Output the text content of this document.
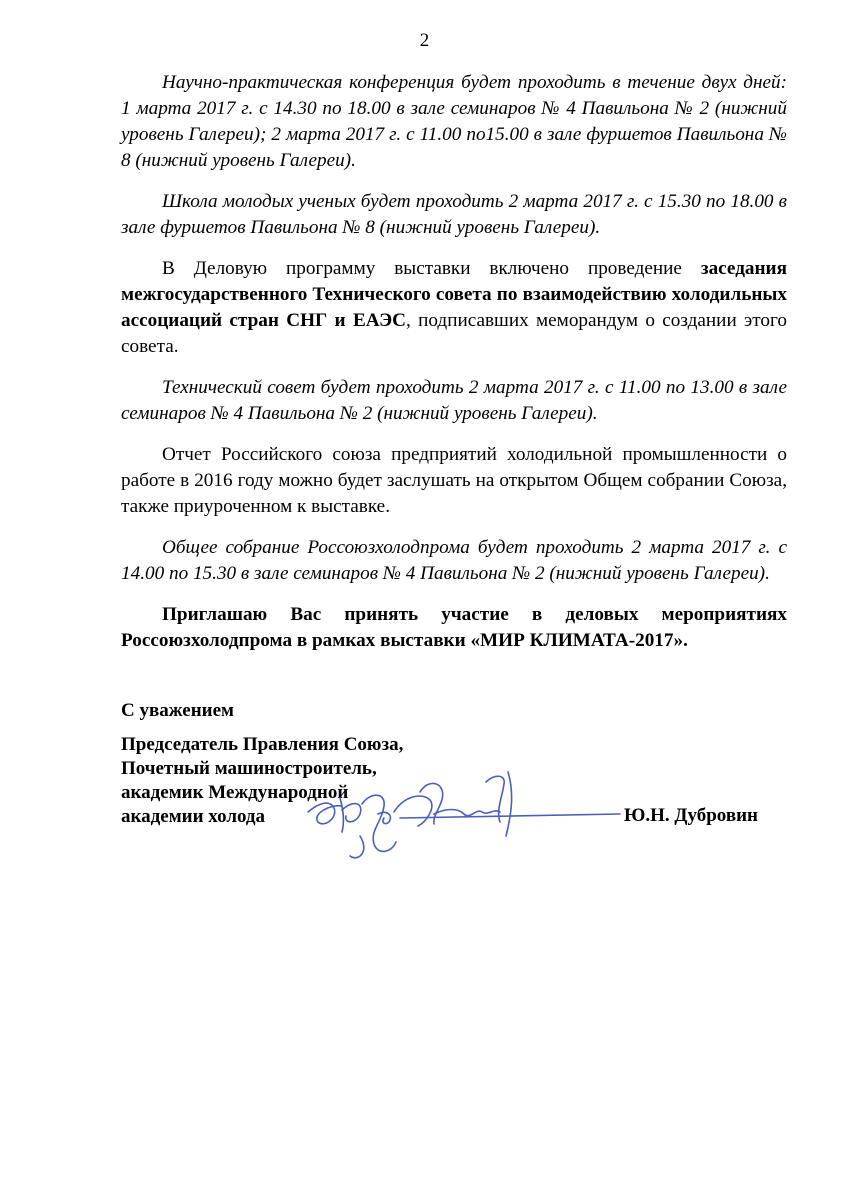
2

Научно-практическая конференция будет проходить в течение двух дней: 1 марта 2017 г. с 14.30 по 18.00 в зале семинаров № 4 Павильона № 2 (нижний уровень Галереи); 2 марта 2017 г. с 11.00 по15.00 в зале фуршетов Павильона № 8 (нижний уровень Галереи).

Школа молодых ученых будет проходить 2 марта 2017 г. с 15.30 по 18.00 в зале фуршетов Павильона № 8 (нижний уровень Галереи).

В Деловую программу выставки включено проведение заседания межгосударственного Технического совета по взаимодействию холодильных ассоциаций стран СНГ и ЕАЭС, подписавших меморандум о создании этого совета.

Технический совет будет проходить 2 марта 2017 г. с 11.00 по 13.00 в зале семинаров № 4 Павильона № 2 (нижний уровень Галереи).

Отчет Российского союза предприятий холодильной промышленности о работе в 2016 году можно будет заслушать на открытом Общем собрании Союза, также приуроченном к выставке.

Общее собрание Россоюзхолодпрома будет проходить 2 марта 2017 г. с 14.00 по 15.30 в зале семинаров № 4 Павильона № 2 (нижний уровень Галереи).

Приглашаю Вас принять участие в деловых мероприятиях Россоюзхолодпрома в рамках выставки «МИР КЛИМАТА-2017».

С уважением
Председатель Правления Союза,
Почетный машиностроитель,
академик Международной
академии холода	Ю.Н. Дубровин
